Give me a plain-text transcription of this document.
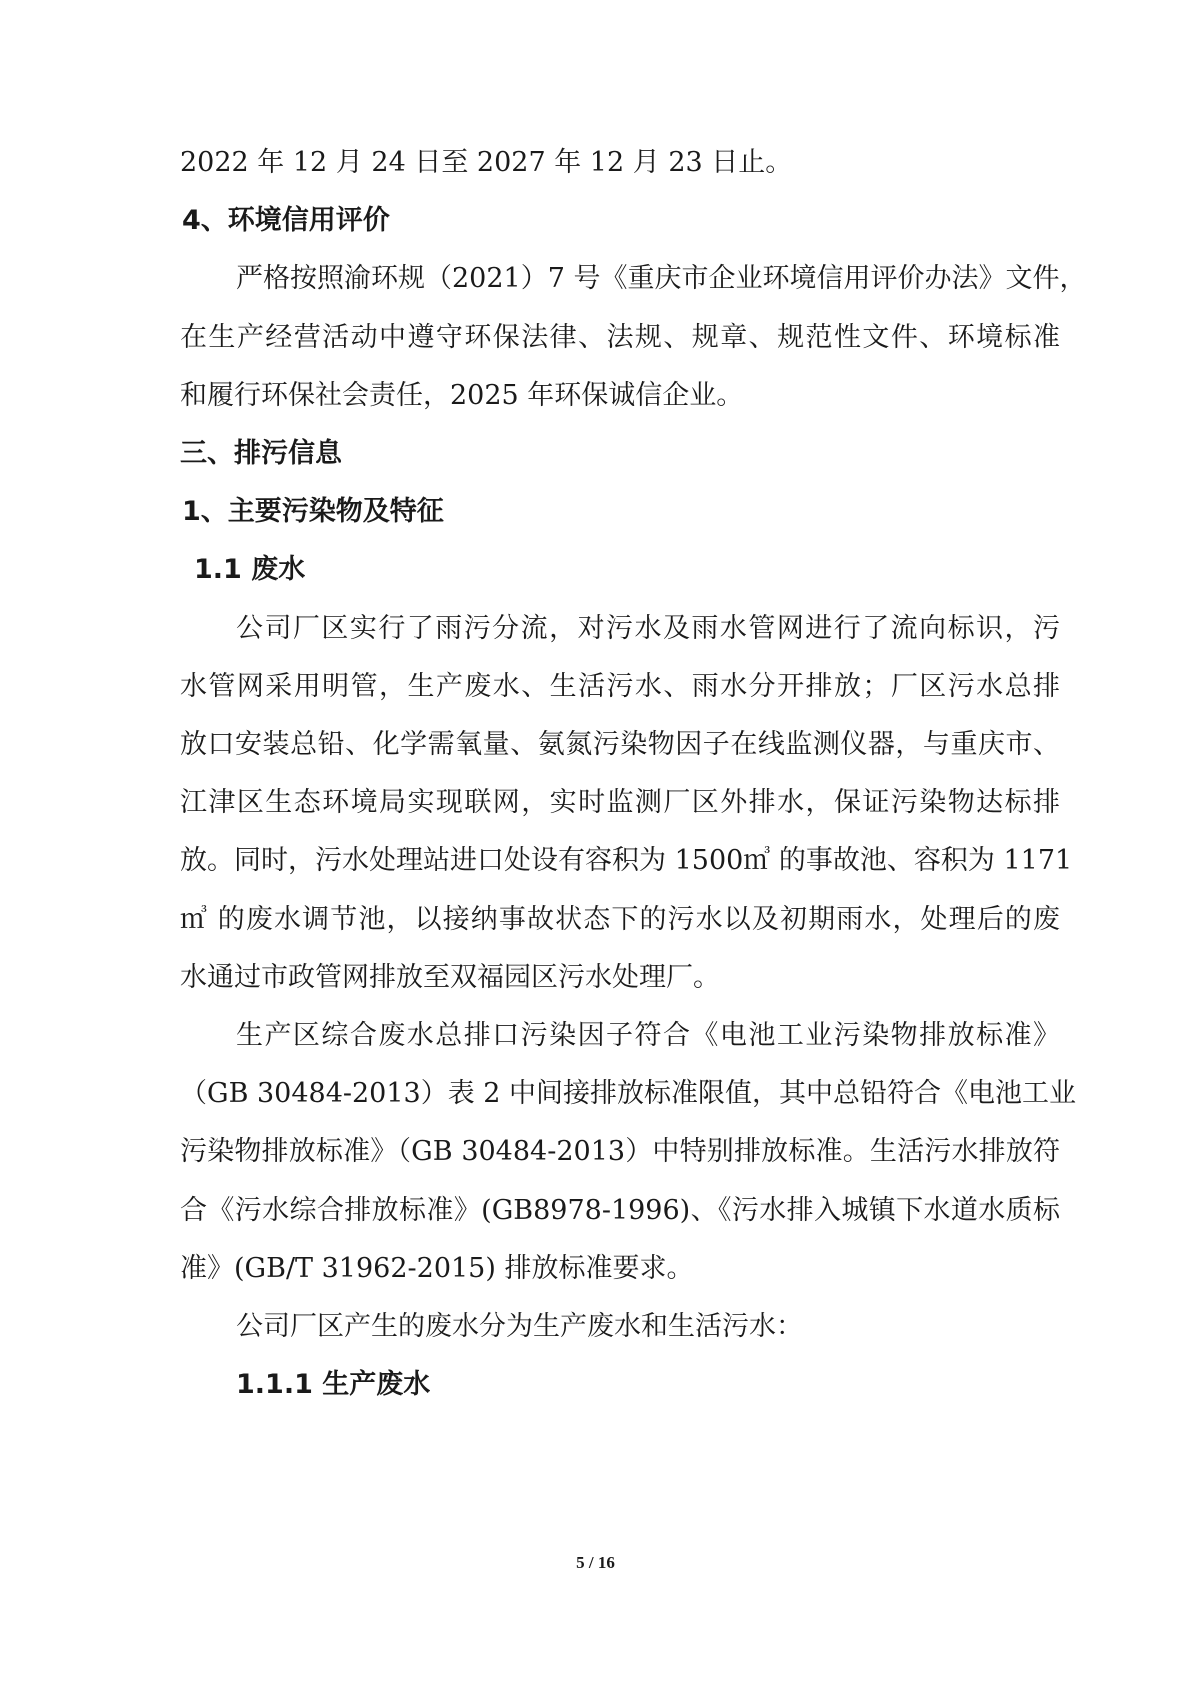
2022 年 12 月 24 日至 2027 年 12 月 23 日止。
4、环境信用评价
严格按照渝环规（2021）7 号《重庆市企业环境信用评价办法》文件，
在生产经营活动中遵守环保法律、法规、规章、规范性文件、环境标准
和履行环保社会责任，2025 年环保诚信企业。
三、排污信息
1、主要污染物及特征
1.1 废水
公司厂区实行了雨污分流，对污水及雨水管网进行了流向标识，污
水管网采用明管，生产废水、生活污水、雨水分开排放；厂区污水总排
放口安装总铅、化学需氧量、氨氮污染物因子在线监测仪器，与重庆市、
江津区生态环境局实现联网，实时监测厂区外排水，保证污染物达标排
放。同时，污水处理站进口处设有容积为 1500㎥ 的事故池、容积为 1171
㎥ 的废水调节池，以接纳事故状态下的污水以及初期雨水，处理后的废
水通过市政管网排放至双福园区污水处理厂。
生产区综合废水总排口污染因子符合《电池工业污染物排放标准》
（GB 30484-2013）表 2 中间接排放标准限值，其中总铅符合《电池工业
污染物排放标准》（GB 30484-2013）中特别排放标准。生活污水排放符
合《污水综合排放标准》(GB8978-1996)、《污水排入城镇下水道水质标
准》(GB/T 31962-2015) 排放标准要求。
公司厂区产生的废水分为生产废水和生活污水：
1.1.1 生产废水
5 / 16
